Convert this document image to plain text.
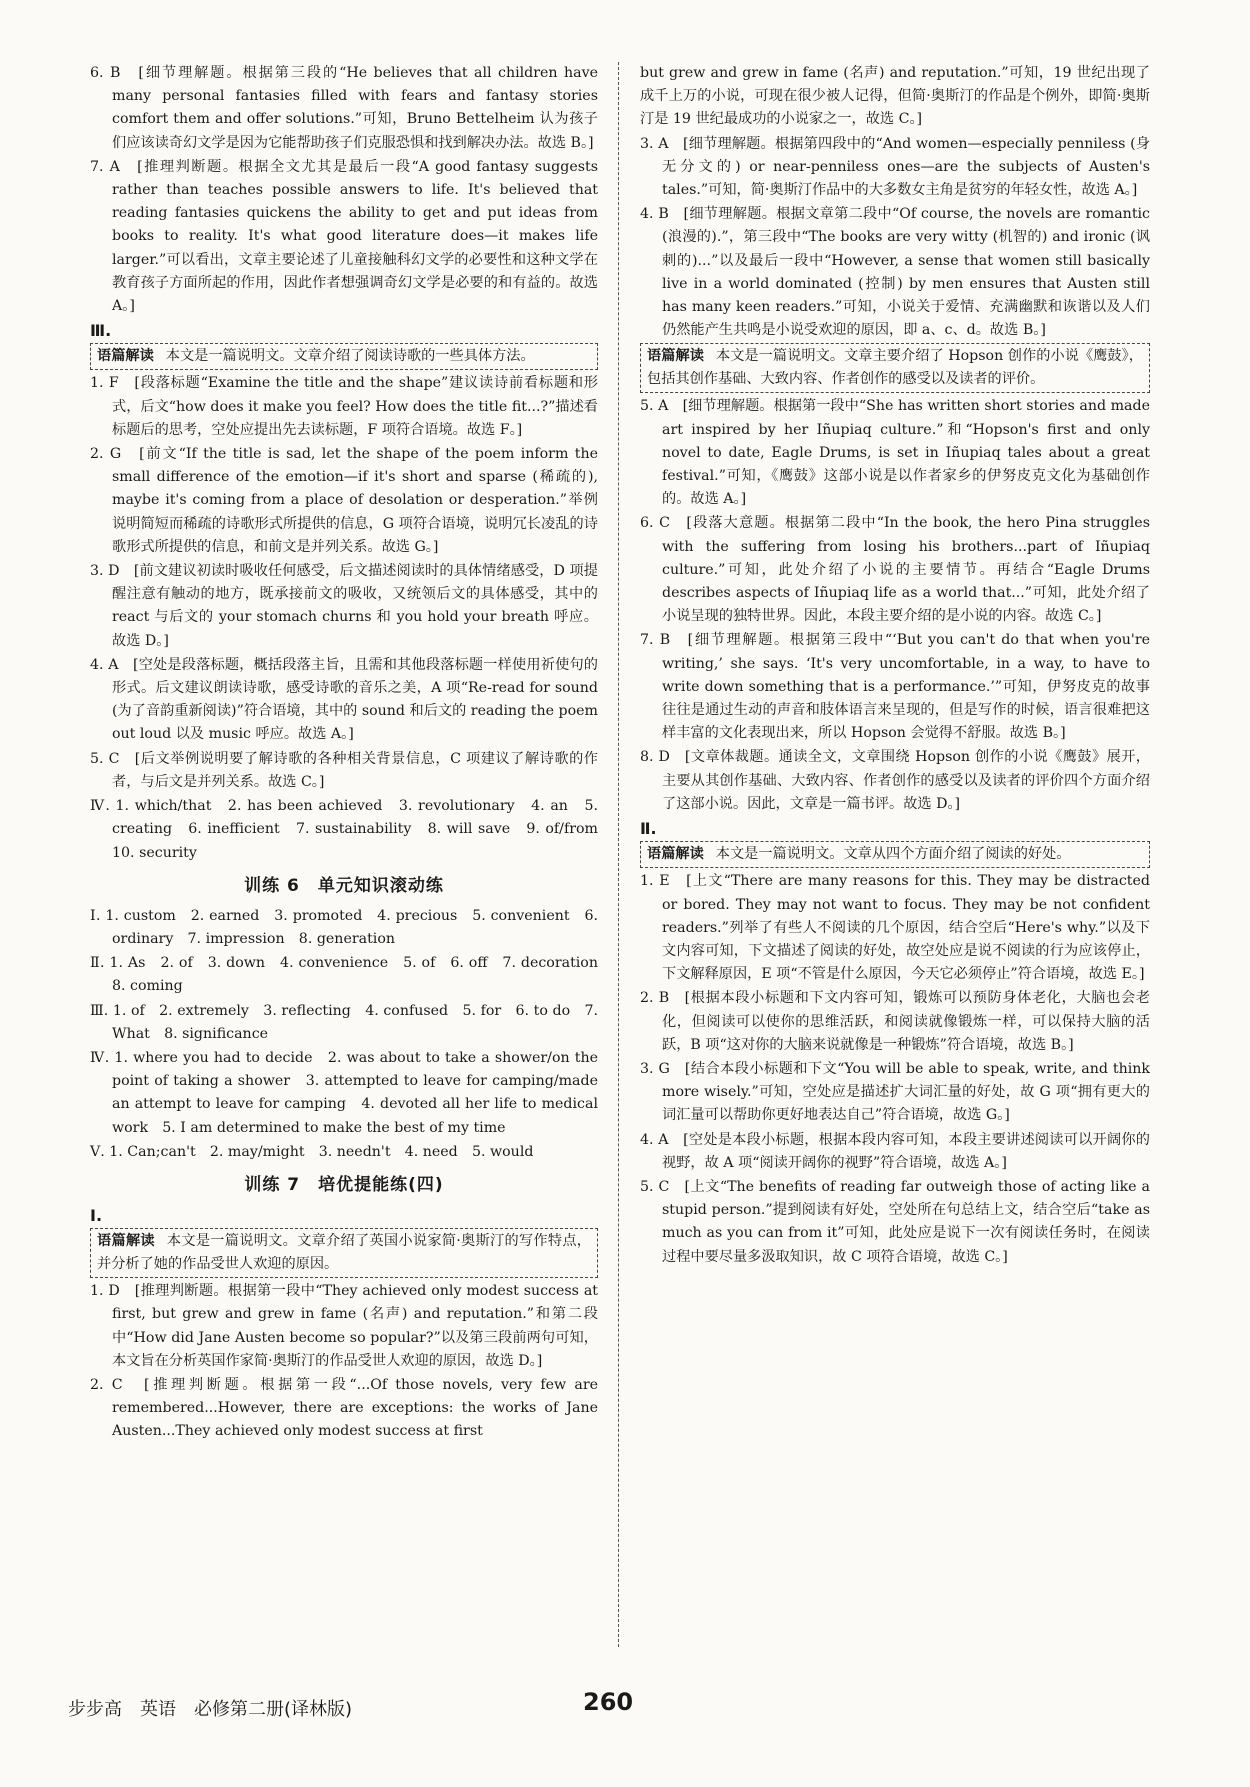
6. B　[细节理解题。根据第三段的“He believes that all children have many personal fantasies filled with fears and fantasy stories comfort them and offer solutions.”可知，Bruno Bettelheim 认为孩子们应该读奇幻文学是因为它能帮助孩子们克服恐惧和找到解决办法。故选 B。]

7. A　[推理判断题。根据全文尤其是最后一段“A good fantasy suggests rather than teaches possible answers to life. It's believed that reading fantasies quickens the ability to get and put ideas from books to reality. It's what good literature does—it makes life larger.”可以看出，文章主要论述了儿童接触科幻文学的必要性和这种文学在教育孩子方面所起的作用，因此作者想强调奇幻文学是必要的和有益的。故选 A。]

Ⅲ.

语篇解读 本文是一篇说明文。文章介绍了阅读诗歌的一些具体方法。

1. F　[段落标题“Examine the title and the shape”建议读诗前看标题和形式，后文“how does it make you feel? How does the title fit...?”描述看标题后的思考，空处应提出先去读标题，F 项符合语境。故选 F。]

2. G　[前文“If the title is sad, let the shape of the poem inform the small difference of the emotion—if it's short and sparse (稀疏的), maybe it's coming from a place of desolation or desperation.”举例说明简短而稀疏的诗歌形式所提供的信息，G 项符合语境，说明冗长凌乱的诗歌形式所提供的信息，和前文是并列关系。故选 G。]

3. D　[前文建议初读时吸收任何感受，后文描述阅读时的具体情绪感受，D 项提醒注意有触动的地方，既承接前文的吸收，又统领后文的具体感受，其中的 react 与后文的 your stomach churns 和 you hold your breath 呼应。故选 D。]

4. A　[空处是段落标题，概括段落主旨，且需和其他段落标题一样使用祈使句的形式。后文建议朗读诗歌，感受诗歌的音乐之美，A 项“Re-read for sound (为了音韵重新阅读)”符合语境，其中的 sound 和后文的 reading the poem out loud 以及 music 呼应。故选 A。]

5. C　[后文举例说明要了解诗歌的各种相关背景信息，C 项建议了解诗歌的作者，与后文是并列关系。故选 C。]

Ⅳ. 1. which/that　2. has been achieved　3. revolutionary　4. an　5. creating　6. inefficient　7. sustainability　8. will save　9. of/from　10. security

训练 6　单元知识滚动练

Ⅰ. 1. custom　2. earned　3. promoted　4. precious　5. convenient　6. ordinary　7. impression　8. generation

Ⅱ. 1. As　2. of　3. down　4. convenience　5. of　6. off　7. decoration　8. coming

Ⅲ. 1. of　2. extremely　3. reflecting　4. confused　5. for　6. to do　7. What　8. significance

Ⅳ. 1. where you had to decide　2. was about to take a shower/on the point of taking a shower　3. attempted to leave for camping/made an attempt to leave for camping　4. devoted all her life to medical work　5. I am determined to make the best of my time

Ⅴ. 1. Can;can't　2. may/might　3. needn't　4. need　5. would

训练 7　培优提能练(四)

Ⅰ.

语篇解读 本文是一篇说明文。文章介绍了英国小说家简·奥斯汀的写作特点，并分析了她的作品受世人欢迎的原因。

1. D　[推理判断题。根据第一段中“They achieved only modest success at first, but grew and grew in fame (名声) and reputation.”和第二段中“How did Jane Austen become so popular?”以及第三段前两句可知，本文旨在分析英国作家简·奥斯汀的作品受世人欢迎的原因，故选 D。]

2. C　[推理判断题。根据第一段“...Of those novels, very few are remembered...However, there are exceptions: the works of Jane Austen...They achieved only modest success at first

but grew and grew in fame (名声) and reputation.”可知，19 世纪出现了成千上万的小说，可现在很少被人记得，但简·奥斯汀的作品是个例外，即简·奥斯汀是 19 世纪最成功的小说家之一，故选 C。]

3. A　[细节理解题。根据第四段中的“And women—especially penniless (身无分文的) or near-penniless ones—are the subjects of Austen's tales.”可知，简·奥斯汀作品中的大多数女主角是贫穷的年轻女性，故选 A。]

4. B　[细节理解题。根据文章第二段中“Of course, the novels are romantic (浪漫的).”，第三段中“The books are very witty (机智的) and ironic (讽刺的)...”以及最后一段中“However, a sense that women still basically live in a world dominated (控制) by men ensures that Austen still has many keen readers.”可知，小说关于爱情、充满幽默和诙谐以及人们仍然能产生共鸣是小说受欢迎的原因，即 a、c、d。故选 B。]

语篇解读 本文是一篇说明文。文章主要介绍了 Hopson 创作的小说《鹰鼓》，包括其创作基础、大致内容、作者创作的感受以及读者的评价。

5. A　[细节理解题。根据第一段中“She has written short stories and made art inspired by her Iñupiaq culture.”和“Hopson's first and only novel to date, Eagle Drums, is set in Iñupiaq tales about a great festival.”可知，《鹰鼓》这部小说是以作者家乡的伊努皮克文化为基础创作的。故选 A。]

6. C　[段落大意题。根据第二段中“In the book, the hero Pina struggles with the suffering from losing his brothers...part of Iñupiaq culture.”可知，此处介绍了小说的主要情节。再结合“Eagle Drums describes aspects of Iñupiaq life as a world that...”可知，此处介绍了小说呈现的独特世界。因此，本段主要介绍的是小说的内容。故选 C。]

7. B　[细节理解题。根据第三段中“‘But you can't do that when you're writing,’ she says. ‘It's very uncomfortable, in a way, to have to write down something that is a performance.’”可知，伊努皮克的故事往往是通过生动的声音和肢体语言来呈现的，但是写作的时候，语言很难把这样丰富的文化表现出来，所以 Hopson 会觉得不舒服。故选 B。]

8. D　[文章体裁题。通读全文，文章围绕 Hopson 创作的小说《鹰鼓》展开，主要从其创作基础、大致内容、作者创作的感受以及读者的评价四个方面介绍了这部小说。因此，文章是一篇书评。故选 D。]

Ⅱ.

语篇解读 本文是一篇说明文。文章从四个方面介绍了阅读的好处。

1. E　[上文“There are many reasons for this. They may be distracted or bored. They may not want to focus. They may be not confident readers.”列举了有些人不阅读的几个原因，结合空后“Here's why.”以及下文内容可知，下文描述了阅读的好处，故空处应是说不阅读的行为应该停止，下文解释原因，E 项“不管是什么原因，今天它必须停止”符合语境，故选 E。]

2. B　[根据本段小标题和下文内容可知，锻炼可以预防身体老化，大脑也会老化，但阅读可以使你的思维活跃，和阅读就像锻炼一样，可以保持大脑的活跃，B 项“这对你的大脑来说就像是一种锻炼”符合语境，故选 B。]

3. G　[结合本段小标题和下文“You will be able to speak, write, and think more wisely.”可知，空处应是描述扩大词汇量的好处，故 G 项“拥有更大的词汇量可以帮助你更好地表达自己”符合语境，故选 G。]

4. A　[空处是本段小标题，根据本段内容可知，本段主要讲述阅读可以开阔你的视野，故 A 项“阅读开阔你的视野”符合语境，故选 A。]

5. C　[上文“The benefits of reading far outweigh those of acting like a stupid person.”提到阅读有好处，空处所在句总结上文，结合空后“take as much as you can from it”可知，此处应是说下一次有阅读任务时，在阅读过程中要尽量多汲取知识，故 C 项符合语境，故选 C。]

步步高　英语　必修第二册(译林版)	260
